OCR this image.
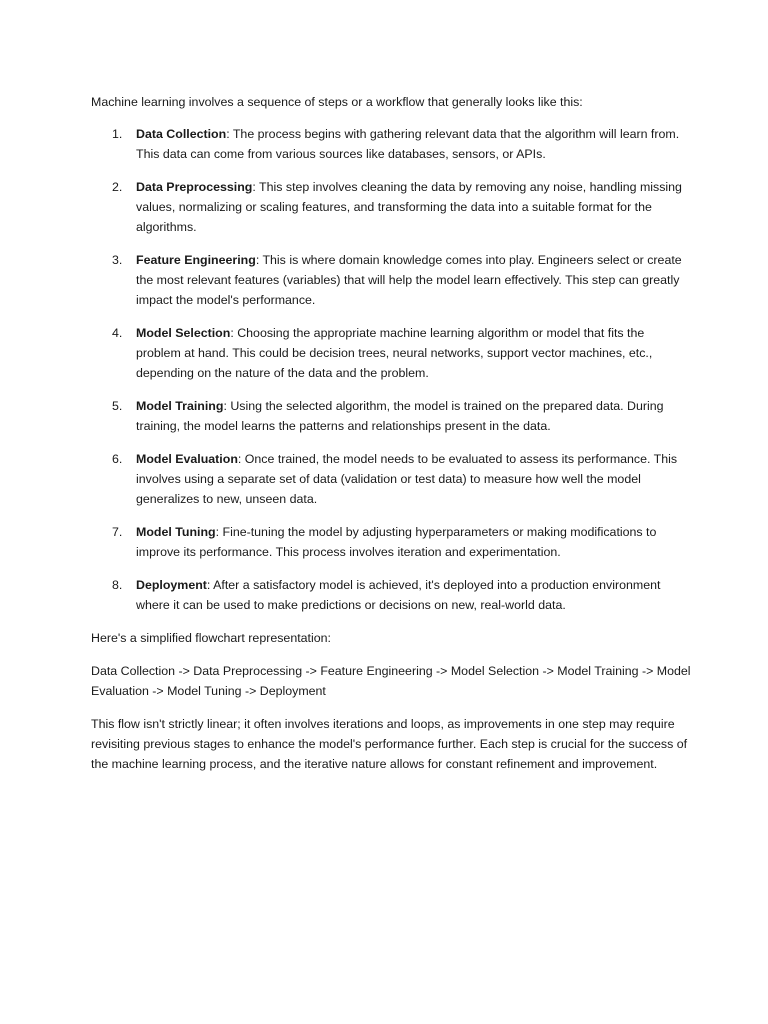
Machine learning involves a sequence of steps or a workflow that generally looks like this:

1. Data Collection: The process begins with gathering relevant data that the algorithm will learn from. This data can come from various sources like databases, sensors, or APIs.
2. Data Preprocessing: This step involves cleaning the data by removing any noise, handling missing values, normalizing or scaling features, and transforming the data into a suitable format for the algorithms.
3. Feature Engineering: This is where domain knowledge comes into play. Engineers select or create the most relevant features (variables) that will help the model learn effectively. This step can greatly impact the model's performance.
4. Model Selection: Choosing the appropriate machine learning algorithm or model that fits the problem at hand. This could be decision trees, neural networks, support vector machines, etc., depending on the nature of the data and the problem.
5. Model Training: Using the selected algorithm, the model is trained on the prepared data. During training, the model learns the patterns and relationships present in the data.
6. Model Evaluation: Once trained, the model needs to be evaluated to assess its performance. This involves using a separate set of data (validation or test data) to measure how well the model generalizes to new, unseen data.
7. Model Tuning: Fine-tuning the model by adjusting hyperparameters or making modifications to improve its performance. This process involves iteration and experimentation.
8. Deployment: After a satisfactory model is achieved, it's deployed into a production environment where it can be used to make predictions or decisions on new, real-world data.

Here's a simplified flowchart representation:

Data Collection -> Data Preprocessing -> Feature Engineering -> Model Selection -> Model Training -> Model Evaluation -> Model Tuning -> Deployment

This flow isn't strictly linear; it often involves iterations and loops, as improvements in one step may require revisiting previous stages to enhance the model's performance further. Each step is crucial for the success of the machine learning process, and the iterative nature allows for constant refinement and improvement.
